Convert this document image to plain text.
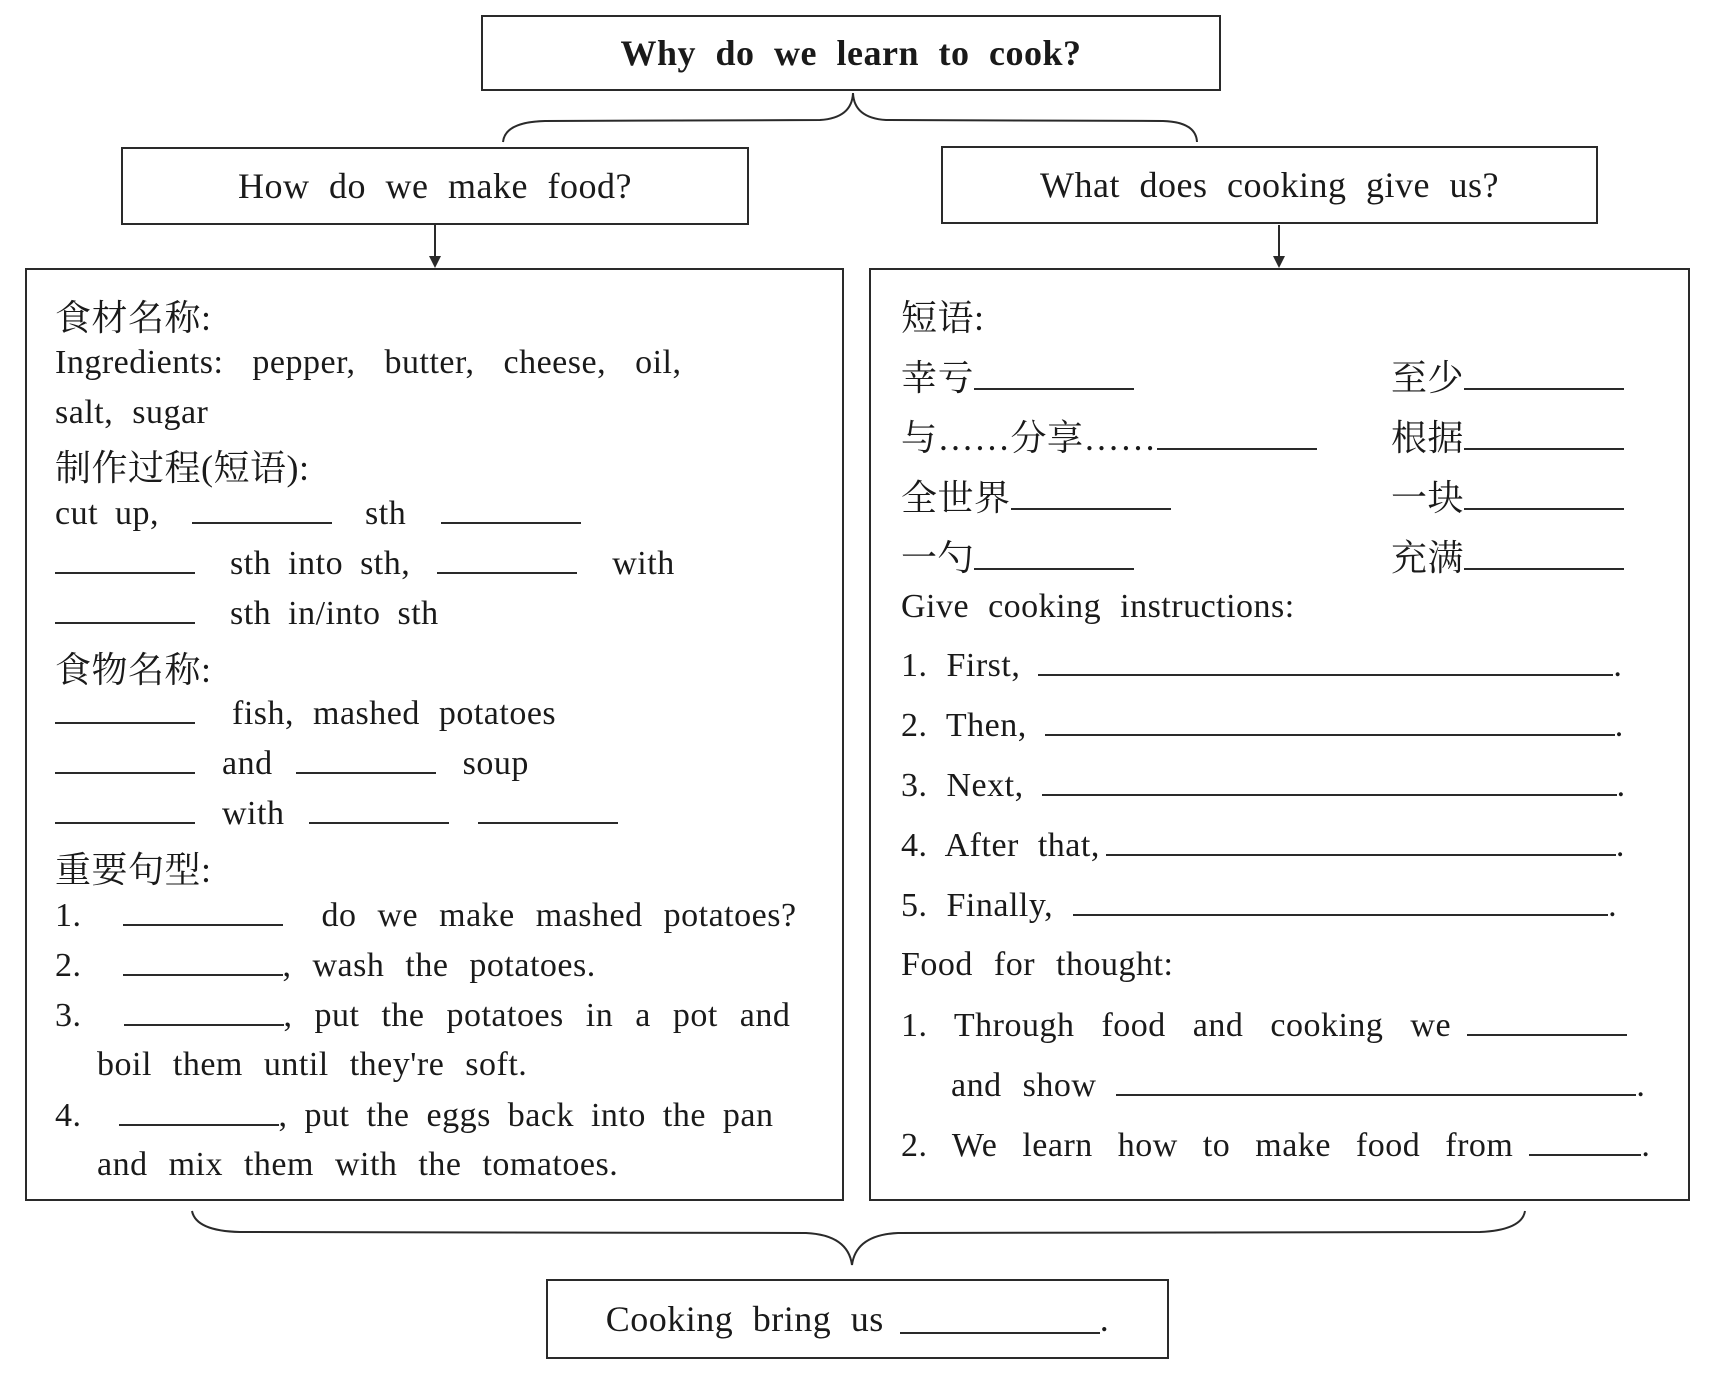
Why do we learn to cook?
How do we make food?	What does cooking give us?
食材名称:
Ingredients: pepper, butter, cheese, oil,
salt, sugar
制作过程(短语):
cut up,	sth
sth into sth,	with
sth in/into sth
食物名称:
fish, mashed potatoes
and	soup
with
重要句型:
1.	do we make mashed potatoes?
2.	, wash the potatoes.
3.	, put the potatoes in a pot and
boil them until they're soft.
4.	, put the eggs back into the pan
and mix them with the tomatoes.
短语:
幸亏	至少
与……分享……	根据
全世界	一块
一勺	充满
Give cooking instructions:
1. First,	.
2. Then,	.
3. Next,	.
4. After that,	.
5. Finally,	.
Food for thought:
1. Through food and cooking we
and show	.
2. We learn how to make food from	.
Cooking bring us	.
